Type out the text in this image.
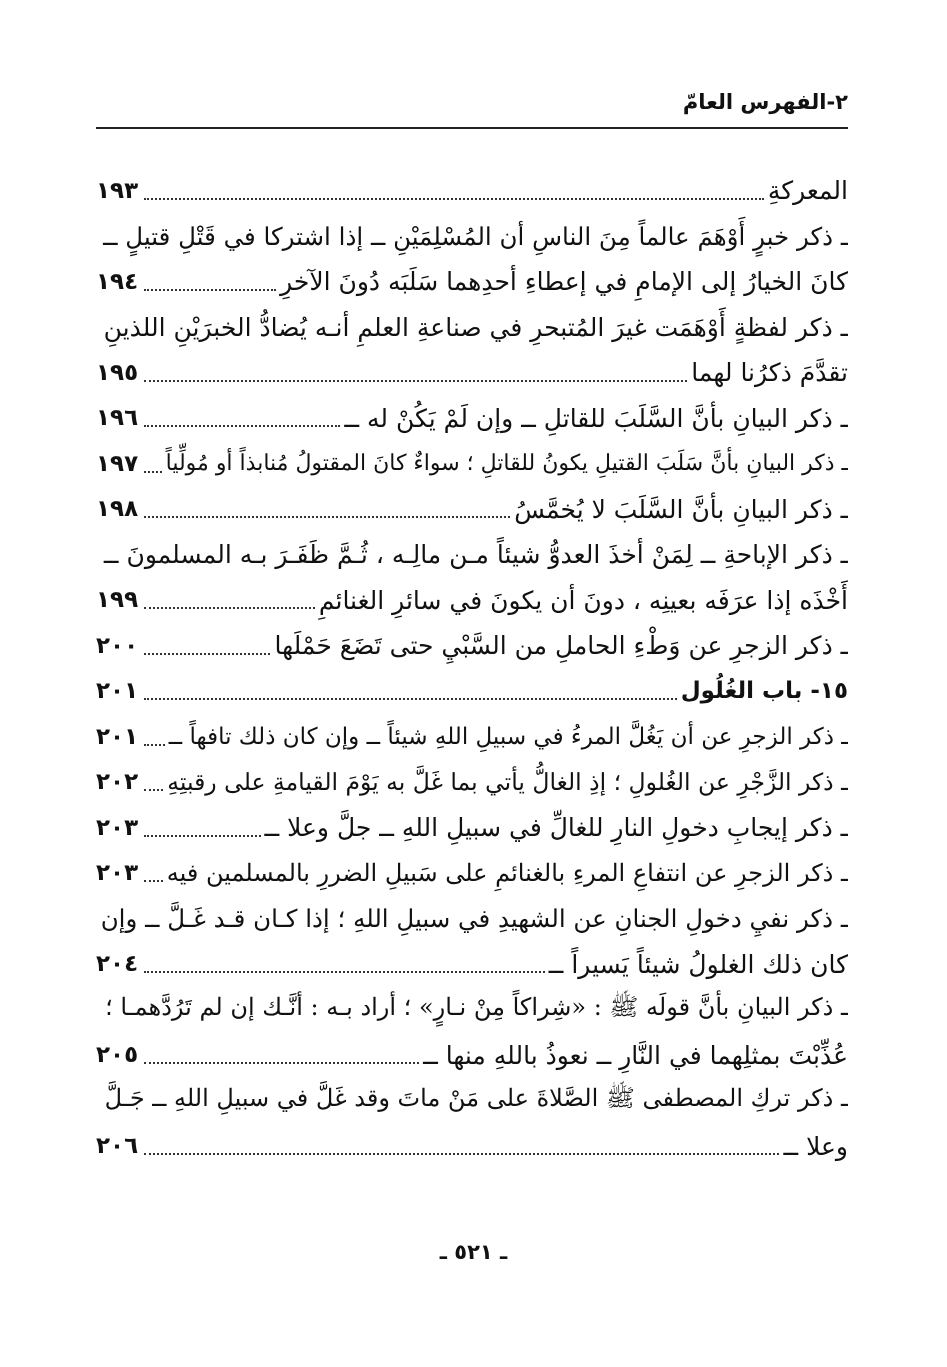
٢-الفهرس العامّ
المعركةِ
١٩٣
ـ ذكر خبرٍ أَوْهَمَ عالماً مِنَ الناسِ أن المُسْلِمَيْنِ ــ إذا اشتركا في قَتْلِ قتيلٍ ــ
كانَ الخيارُ إلى الإمامِ في إعطاءِ أحدِهما سَلَبَه دُونَ الآخرِ
١٩٤
ـ ذكر لفظةٍ أَوْهَمَت غيرَ المُتبحرِ في صناعةِ العلمِ أنـه يُضادُّ الخبرَيْنِ اللذينِ
تقدَّمَ ذكرُنا لهما
١٩٥
ـ ذكر البيانِ بأنَّ السَّلَبَ للقاتلِ ــ وإن لَمْ يَكُنْ له ــ
١٩٦
ـ ذكر البيانِ بأنَّ سَلَبَ القتيلِ يكونُ للقاتلِ ؛ سواءٌ كانَ المقتولُ مُنابذاً أو مُولِّياً
١٩٧
ـ ذكر البيانِ بأنَّ السَّلَبَ لا يُخمَّسُ
١٩٨
ـ ذكر الإباحةِ ــ لِمَنْ أخذَ العدوُّ شيئاً مـن مالِـه ، ثُـمَّ ظَفَـرَ بـه المسلمونَ ــ
أَخْذَه إذا عرَفَه بعينِه ، دونَ أن يكونَ في سائرِ الغنائمِ
١٩٩
ـ ذكر الزجرِ عن وَطْءِ الحاملِ من السَّبْيِ حتى تَضَعَ حَمْلَها
٢٠٠
١٥- باب الغُلُول
٢٠١
ـ ذكر الزجرِ عن أن يَغُلَّ المرءُ في سبيلِ اللهِ شيئاً ــ وإن كان ذلك تافهاً ــ
٢٠١
ـ ذكر الزَّجْرِ عن الغُلولِ ؛ إذِ الغالُّ يأتي بما غَلَّ به يَوْمَ القيامةِ على رقبتِهِ
٢٠٢
ـ ذكر إيجابِ دخولِ النارِ للغالِّ في سبيلِ اللهِ ــ جلَّ وعلا ــ
٢٠٣
ـ ذكر الزجرِ عن انتفاعِ المرءِ بالغنائمِ على سَبيلِ الضررِ بالمسلمين فيه
٢٠٣
ـ ذكر نفيِ دخولِ الجنانِ عن الشهيدِ في سبيلِ اللهِ ؛ إذا كـان قـد غَـلَّ ــ وإن
كان ذلك الغلولُ شيئاً يَسيراً ــ
٢٠٤
ـ ذكر البيانِ بأنَّ قولَه ﷺ : «شِراكاً مِنْ نـارٍ» ؛ أراد بـه : أنَّـك إن لم تَرُدَّهمـا ؛
عُذِّبْتَ بمثلِهما في النَّارِ ــ نعوذُ باللهِ منها ــ
٢٠٥
ـ ذكر تركِ المصطفى ﷺ الصَّلاةَ على مَنْ ماتَ وقد غَلَّ في سبيلِ اللهِ ــ جَـلَّ
وعلا ــ
٢٠٦
ـ ٥٢١ ـ
